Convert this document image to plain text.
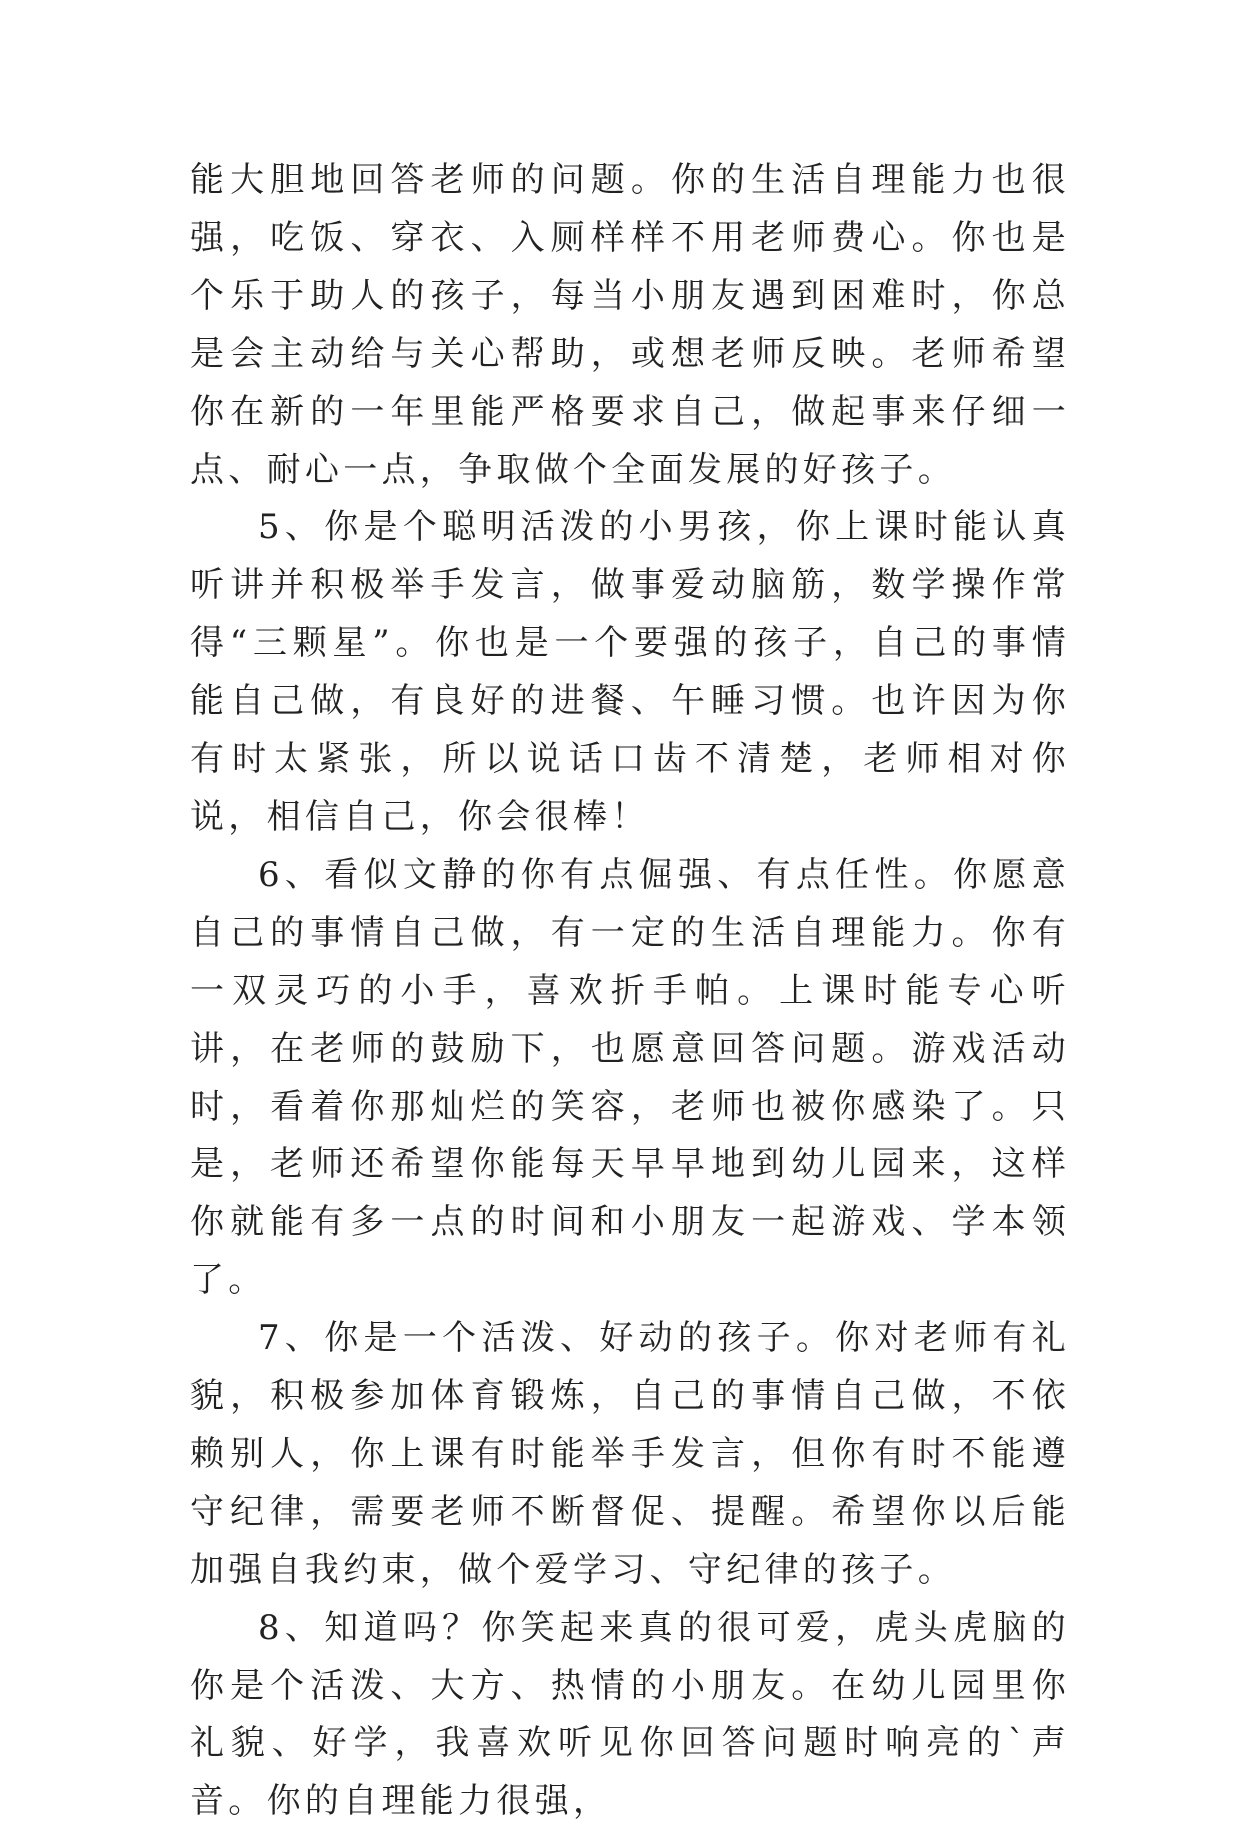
能大胆地回答老师的问题。你的生活自理能力也很强，吃饭、穿衣、入厕样样不用老师费心。你也是个乐于助人的孩子，每当小朋友遇到困难时，你总是会主动给与关心帮助，或想老师反映。老师希望你在新的一年里能严格要求自己，做起事来仔细一点、耐心一点，争取做个全面发展的好孩子。

5、你是个聪明活泼的小男孩，你上课时能认真听讲并积极举手发言，做事爱动脑筋，数学操作常得“三颗星”。你也是一个要强的孩子，自己的事情能自己做，有良好的进餐、午睡习惯。也许因为你有时太紧张，所以说话口齿不清楚，老师相对你说，相信自己，你会很棒！

6、看似文静的你有点倔强、有点任性。你愿意自己的事情自己做，有一定的生活自理能力。你有一双灵巧的小手，喜欢折手帕。上课时能专心听讲，在老师的鼓励下，也愿意回答问题。游戏活动时，看着你那灿烂的笑容，老师也被你感染了。只是，老师还希望你能每天早早地到幼儿园来，这样你就能有多一点的时间和小朋友一起游戏、学本领了。

7、你是一个活泼、好动的孩子。你对老师有礼貌，积极参加体育锻炼，自己的事情自己做，不依赖别人，你上课有时能举手发言，但你有时不能遵守纪律，需要老师不断督促、提醒。希望你以后能加强自我约束，做个爱学习、守纪律的孩子。

8、知道吗？你笑起来真的很可爱，虎头虎脑的你是个活泼、大方、热情的小朋友。在幼儿园里你礼貌、好学，我喜欢听见你回答问题时响亮的`声音。你的自理能力很强，
